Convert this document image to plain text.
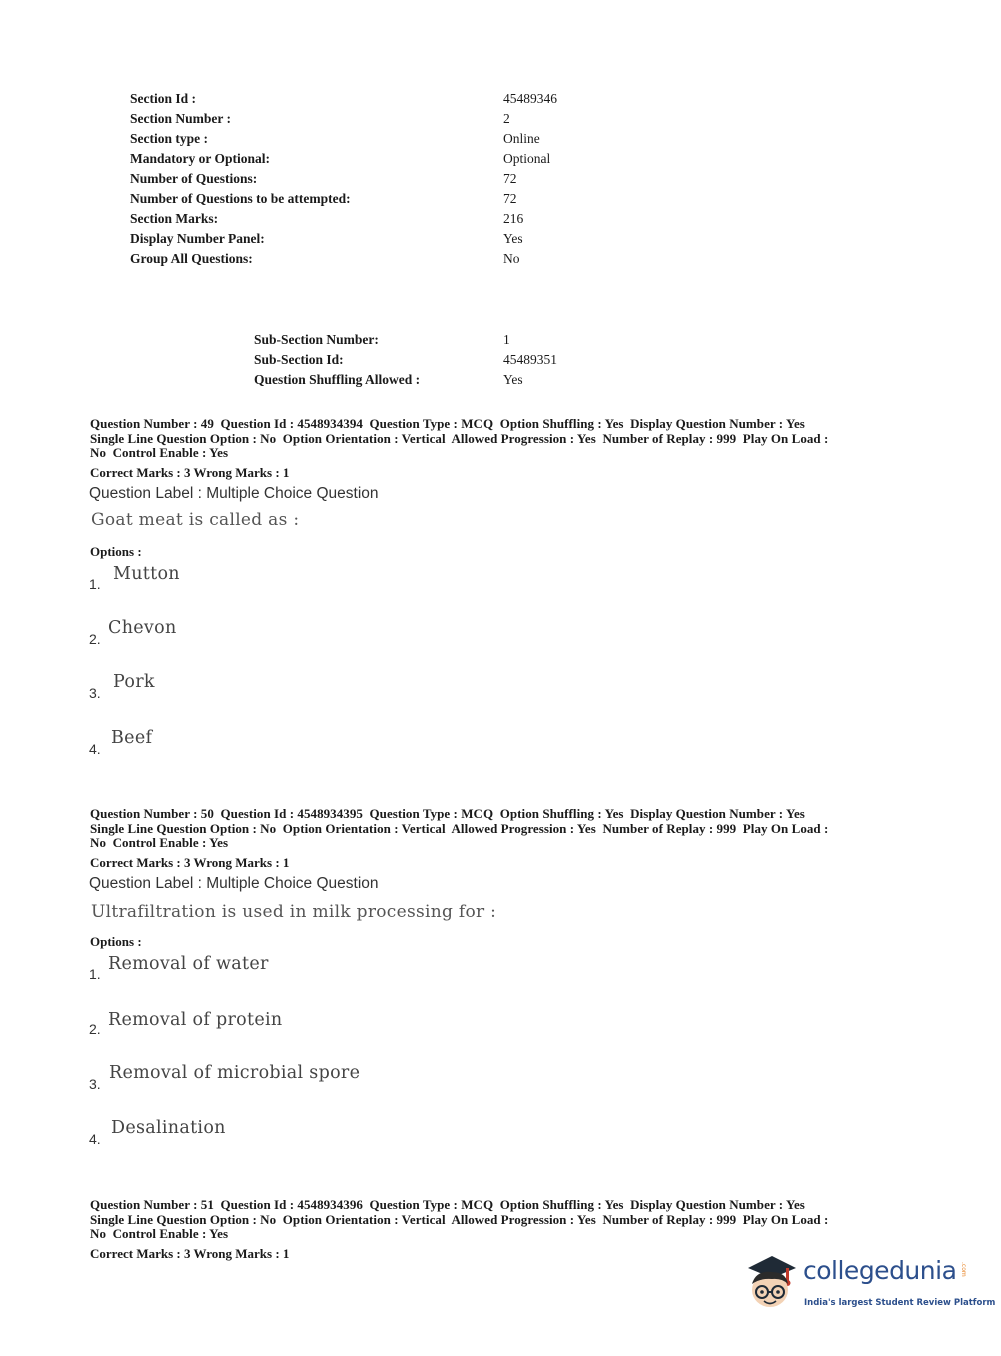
Section Id :	45489346
Section Number :	2
Section type :	Online
Mandatory or Optional:	Optional
Number of Questions:	72
Number of Questions to be attempted:	72
Section Marks:	216
Display Number Panel:	Yes
Group All Questions:	No
Sub-Section Number:	1
Sub-Section Id:	45489351
Question Shuffling Allowed :	Yes
Question Number : 49  Question Id : 4548934394  Question Type : MCQ  Option Shuffling : Yes  Display Question Number : Yes
Single Line Question Option : No  Option Orientation : Vertical  Allowed Progression : Yes  Number of Replay : 999  Play On Load :
No  Control Enable : Yes
Correct Marks : 3 Wrong Marks : 1
Question Label : Multiple Choice Question
Goat meat is called as :
Options :
1. Mutton
2.
Chevon
3.
Pork
4.
Beef
Question Number : 50  Question Id : 4548934395  Question Type : MCQ  Option Shuffling : Yes  Display Question Number : Yes
Single Line Question Option : No  Option Orientation : Vertical  Allowed Progression : Yes  Number of Replay : 999  Play On Load :
No  Control Enable : Yes
Correct Marks : 3 Wrong Marks : 1
Question Label : Multiple Choice Question
Ultrafiltration is used in milk processing for :
Options :
1. Removal of water
2. Removal of protein
3.
Removal of microbial spore
4.
Desalination
Question Number : 51  Question Id : 4548934396  Question Type : MCQ  Option Shuffling : Yes  Display Question Number : Yes
Single Line Question Option : No  Option Orientation : Vertical  Allowed Progression : Yes  Number of Replay : 999  Play On Load :
No  Control Enable : Yes
Correct Marks : 3 Wrong Marks : 1
collegedunia .com
India's largest Student Review Platform
